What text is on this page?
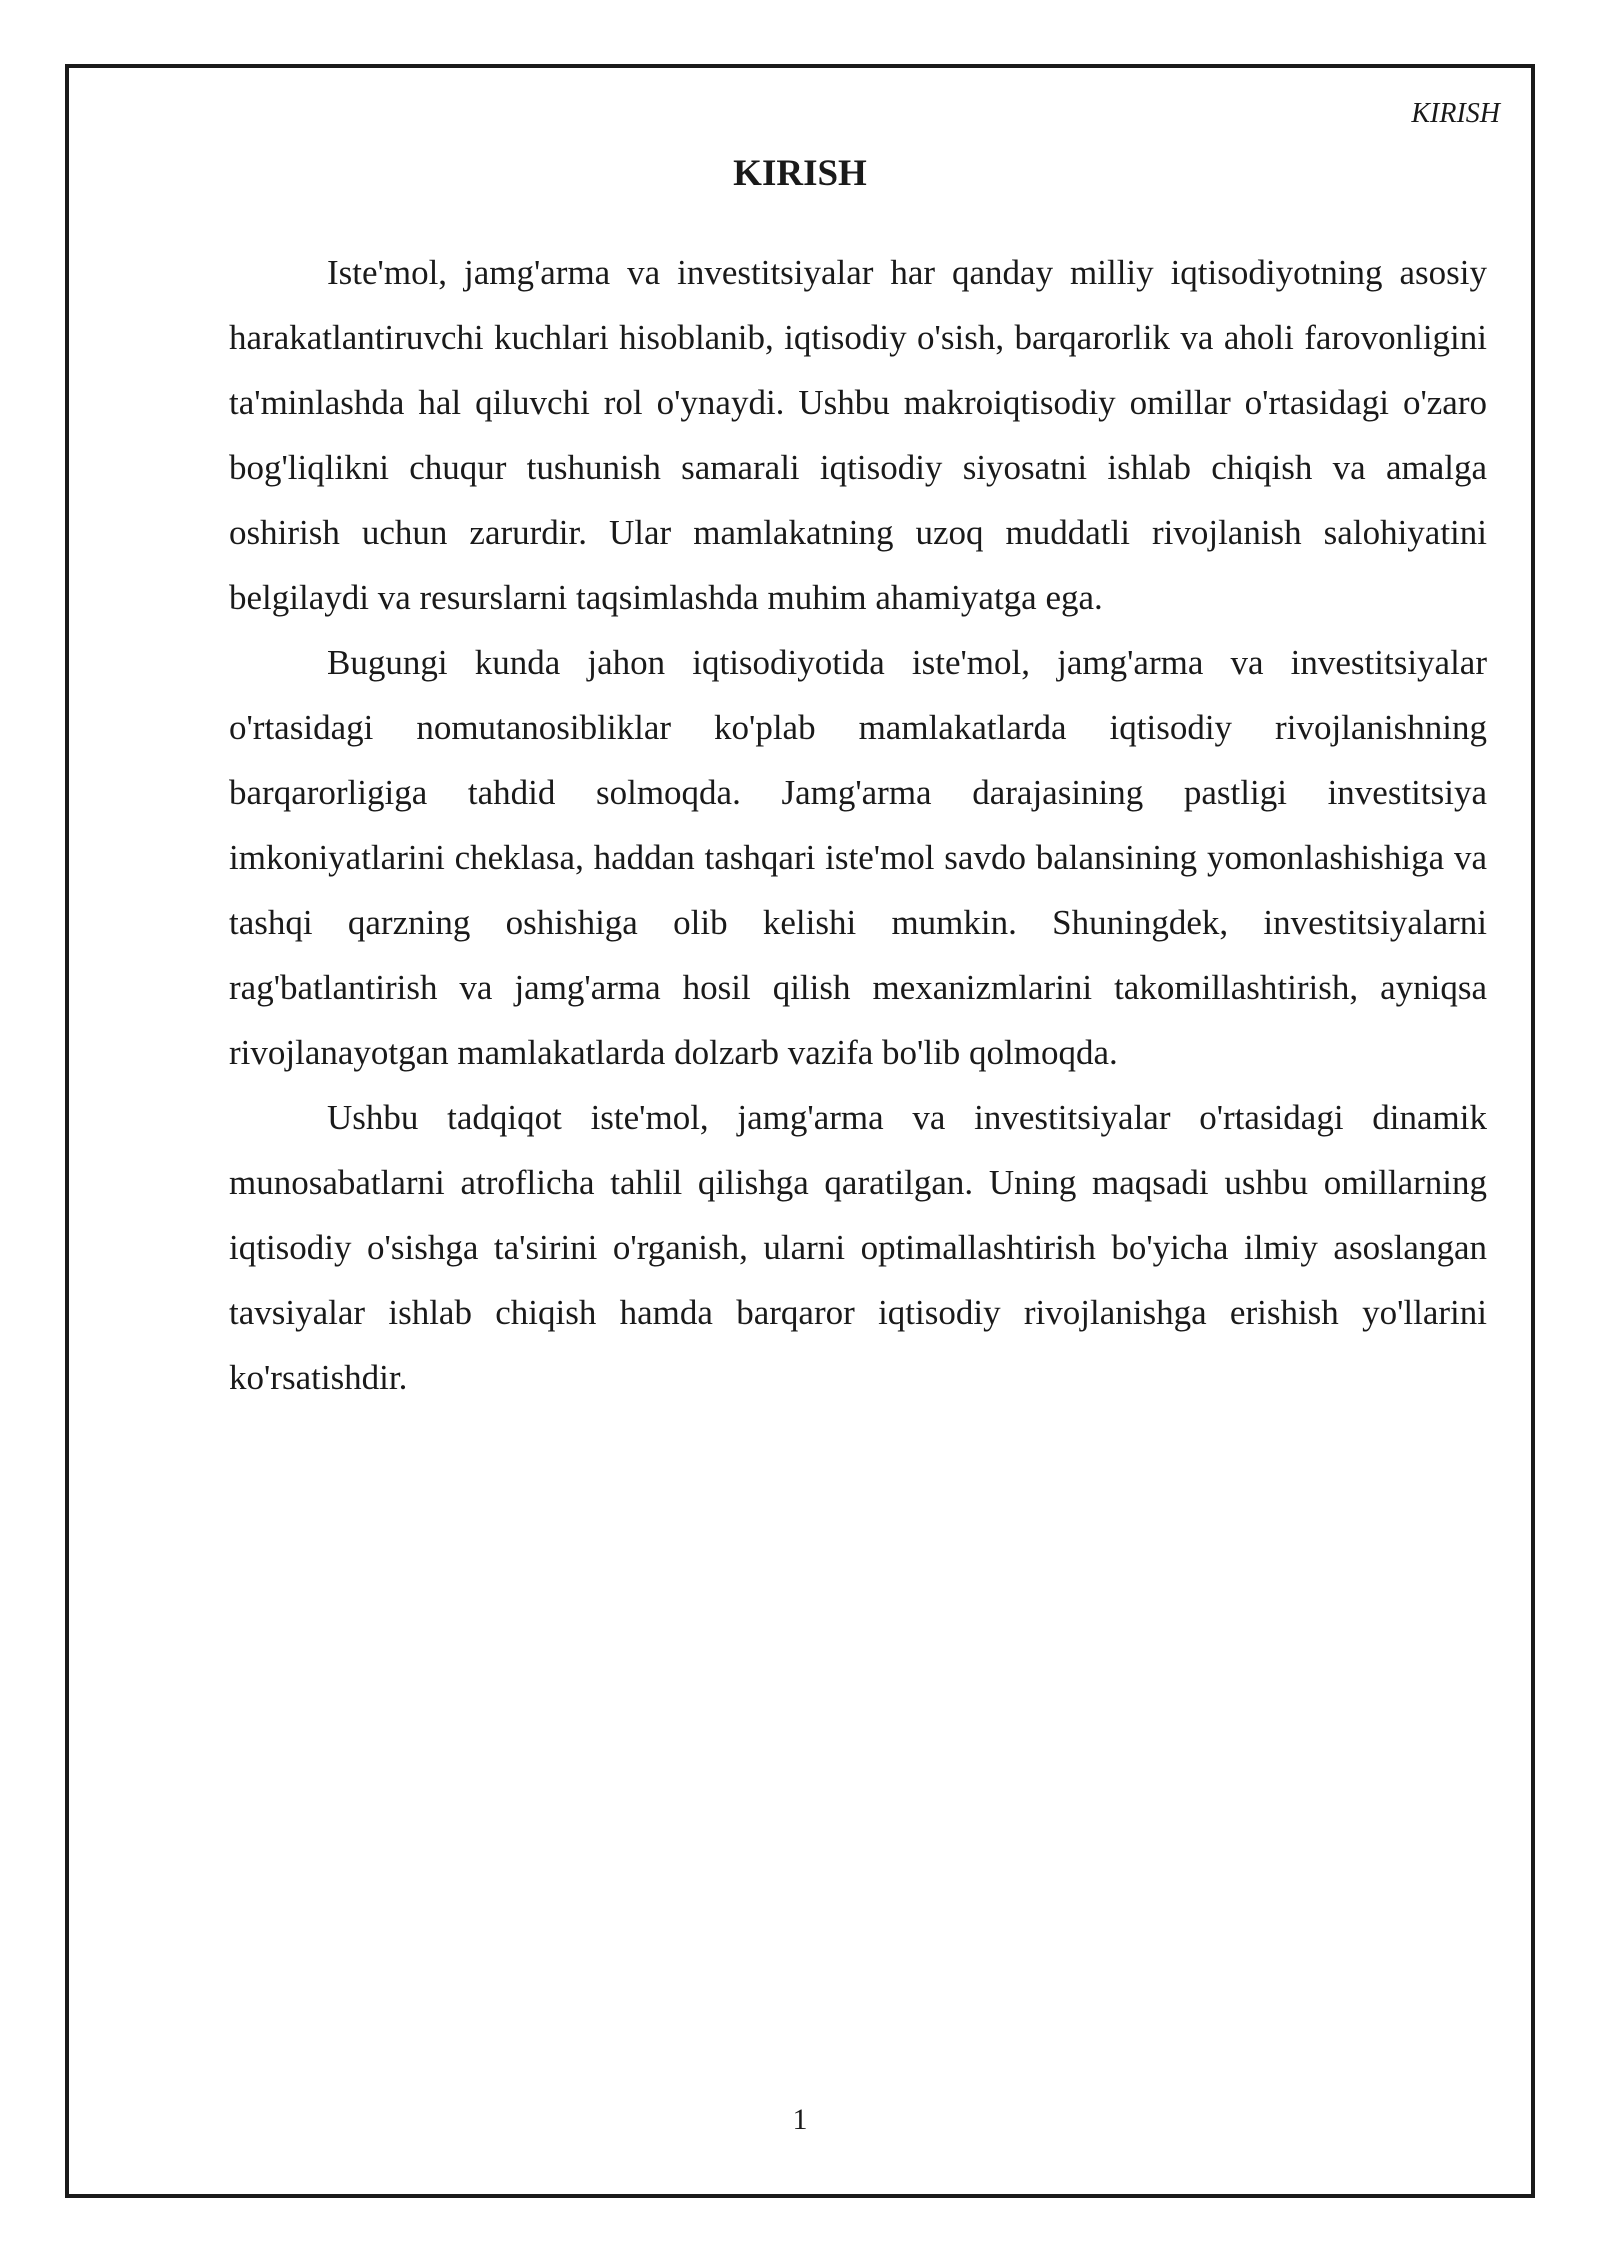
KIRISH

KIRISH

Iste'mol, jamg'arma va investitsiyalar har qanday milliy iqtisodiyotning asosiy harakatlantiruvchi kuchlari hisoblanib, iqtisodiy o'sish, barqarorlik va aholi farovonligini ta'minlashda hal qiluvchi rol o'ynaydi. Ushbu makroiqtisodiy omillar o'rtasidagi o'zaro bog'liqlikni chuqur tushunish samarali iqtisodiy siyosatni ishlab chiqish va amalga oshirish uchun zarurdir. Ular mamlakatning uzoq muddatli rivojlanish salohiyatini belgilaydi va resurslarni taqsimlashda muhim ahamiyatga ega.

Bugungi kunda jahon iqtisodiyotida iste'mol, jamg'arma va investitsiyalar o'rtasidagi nomutanosibliklar ko'plab mamlakatlarda iqtisodiy rivojlanishning barqarorligiga tahdid solmoqda. Jamg'arma darajasining pastligi investitsiya imkoniyatlarini cheklasa, haddan tashqari iste'mol savdo balansining yomonlashishiga va tashqi qarzning oshishiga olib kelishi mumkin. Shuningdek, investitsiyalarni rag'batlantirish va jamg'arma hosil qilish mexanizmlarini takomillashtirish, ayniqsa rivojlanayotgan mamlakatlarda dolzarb vazifa bo'lib qolmoqda.

Ushbu tadqiqot iste'mol, jamg'arma va investitsiyalar o'rtasidagi dinamik munosabatlarni atroflicha tahlil qilishga qaratilgan. Uning maqsadi ushbu omillarning iqtisodiy o'sishga ta'sirini o'rganish, ularni optimallashtirish bo'yicha ilmiy asoslangan tavsiyalar ishlab chiqish hamda barqaror iqtisodiy rivojlanishga erishish yo'llarini ko'rsatishdir.

1
